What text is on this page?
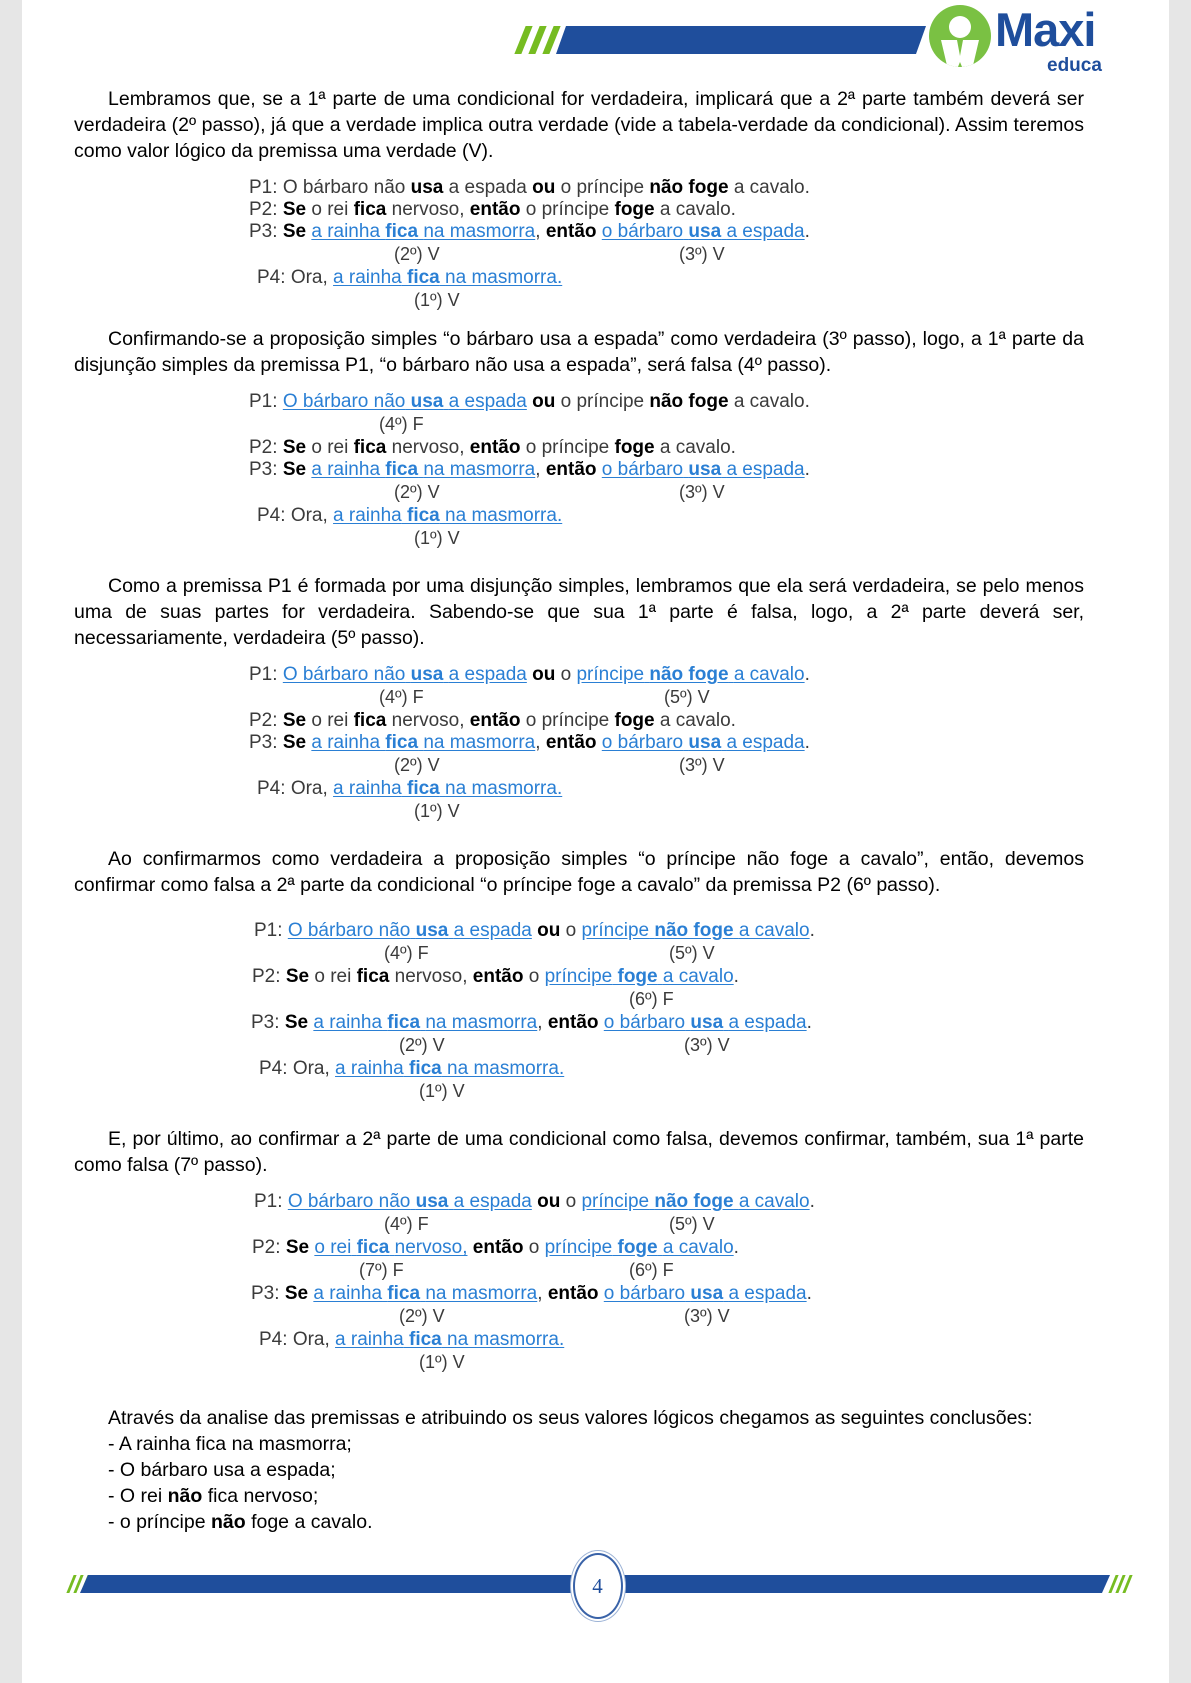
Maxi
educa

Lembramos que, se a 1ª parte de uma condicional for verdadeira, implicará que a 2ª parte também deverá ser verdadeira (2º passo), já que a verdade implica outra verdade (vide a tabela-verdade da condicional). Assim teremos como valor lógico da premissa uma verdade (V).

P1: O bárbaro não usa a espada ou o príncipe não foge a cavalo.
P2: Se o rei fica nervoso, então o príncipe foge a cavalo.
P3: Se a rainha fica na masmorra, então o bárbaro usa a espada.
(2º) V	(3º) V
P4: Ora, a rainha fica na masmorra.
(1º) V

Confirmando-se a proposição simples “o bárbaro usa a espada” como verdadeira (3º passo), logo, a 1ª parte da disjunção simples da premissa P1, “o bárbaro não usa a espada”, será falsa (4º passo).

P1: O bárbaro não usa a espada ou o príncipe não foge a cavalo.
(4º) F
P2: Se o rei fica nervoso, então o príncipe foge a cavalo.
P3: Se a rainha fica na masmorra, então o bárbaro usa a espada.
(2º) V	(3º) V
P4: Ora, a rainha fica na masmorra.
(1º) V

Como a premissa P1 é formada por uma disjunção simples, lembramos que ela será verdadeira, se pelo menos uma de suas partes for verdadeira. Sabendo-se que sua 1ª parte é falsa, logo, a 2ª parte deverá ser, necessariamente, verdadeira (5º passo).

P1: O bárbaro não usa a espada ou o príncipe não foge a cavalo.
(4º) F	(5º) V
P2: Se o rei fica nervoso, então o príncipe foge a cavalo.
P3: Se a rainha fica na masmorra, então o bárbaro usa a espada.
(2º) V	(3º) V
P4: Ora, a rainha fica na masmorra.
(1º) V

Ao confirmarmos como verdadeira a proposição simples “o príncipe não foge a cavalo”, então, devemos confirmar como falsa a 2ª parte da condicional “o príncipe foge a cavalo” da premissa P2 (6º passo).

P1: O bárbaro não usa a espada ou o príncipe não foge a cavalo.
(4º) F	(5º) V
P2: Se o rei fica nervoso, então o príncipe foge a cavalo.
(6º) F
P3: Se a rainha fica na masmorra, então o bárbaro usa a espada.
(2º) V	(3º) V
P4: Ora, a rainha fica na masmorra.
(1º) V

E, por último, ao confirmar a 2ª parte de uma condicional como falsa, devemos confirmar, também, sua 1ª parte como falsa (7º passo).

P1: O bárbaro não usa a espada ou o príncipe não foge a cavalo.
(4º) F	(5º) V
P2: Se o rei fica nervoso, então o príncipe foge a cavalo.
(7º) F	(6º) F
P3: Se a rainha fica na masmorra, então o bárbaro usa a espada.
(2º) V	(3º) V
P4: Ora, a rainha fica na masmorra.
(1º) V

Através da analise das premissas e atribuindo os seus valores lógicos chegamos as seguintes conclusões:

- A rainha fica na masmorra;
- O bárbaro usa a espada;
- O rei não fica nervoso;
- o príncipe não foge a cavalo.
4
